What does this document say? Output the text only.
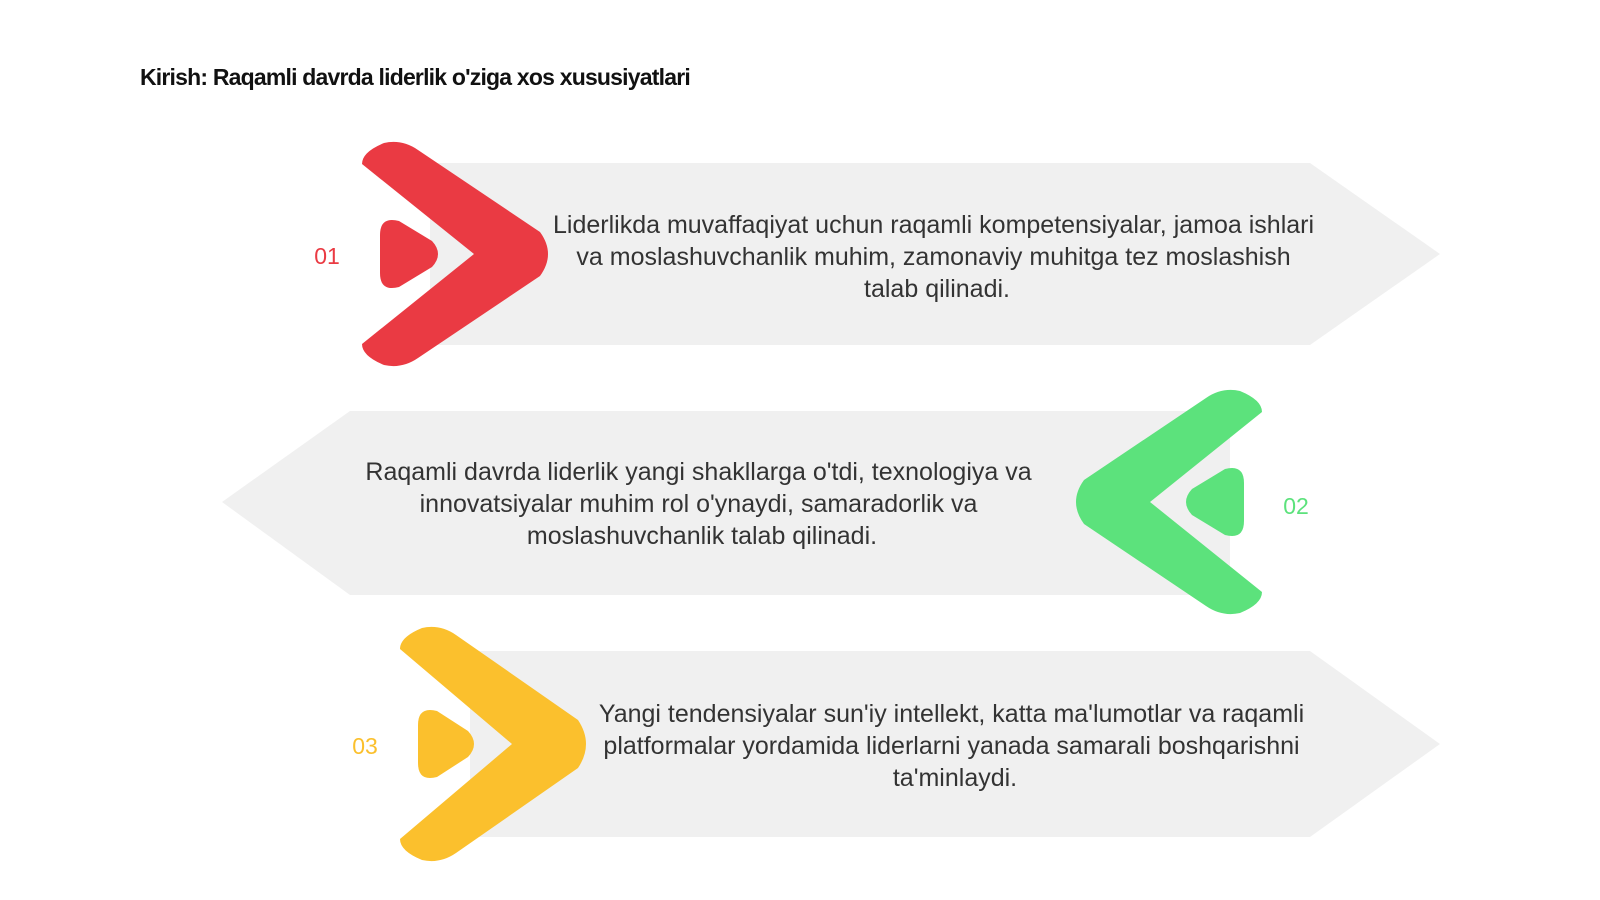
Kirish: Raqamli davrda liderlik o'ziga xos xususiyatlari
01
Liderlikda muvaffaqiyat uchun raqamli kompetensiyalar, jamoa ishlari va moslashuvchanlik muhim, zamonaviy muhitga tez moslashish talab qilinadi.
02
Raqamli davrda liderlik yangi shakllarga o'tdi, texnologiya va innovatsiyalar muhim rol o'ynaydi, samaradorlik va moslashuvchanlik talab qilinadi.
03
Yangi tendensiyalar sun'iy intellekt, katta ma'lumotlar va raqamli platformalar yordamida liderlarni yanada samarali boshqarishni ta'minlaydi.
